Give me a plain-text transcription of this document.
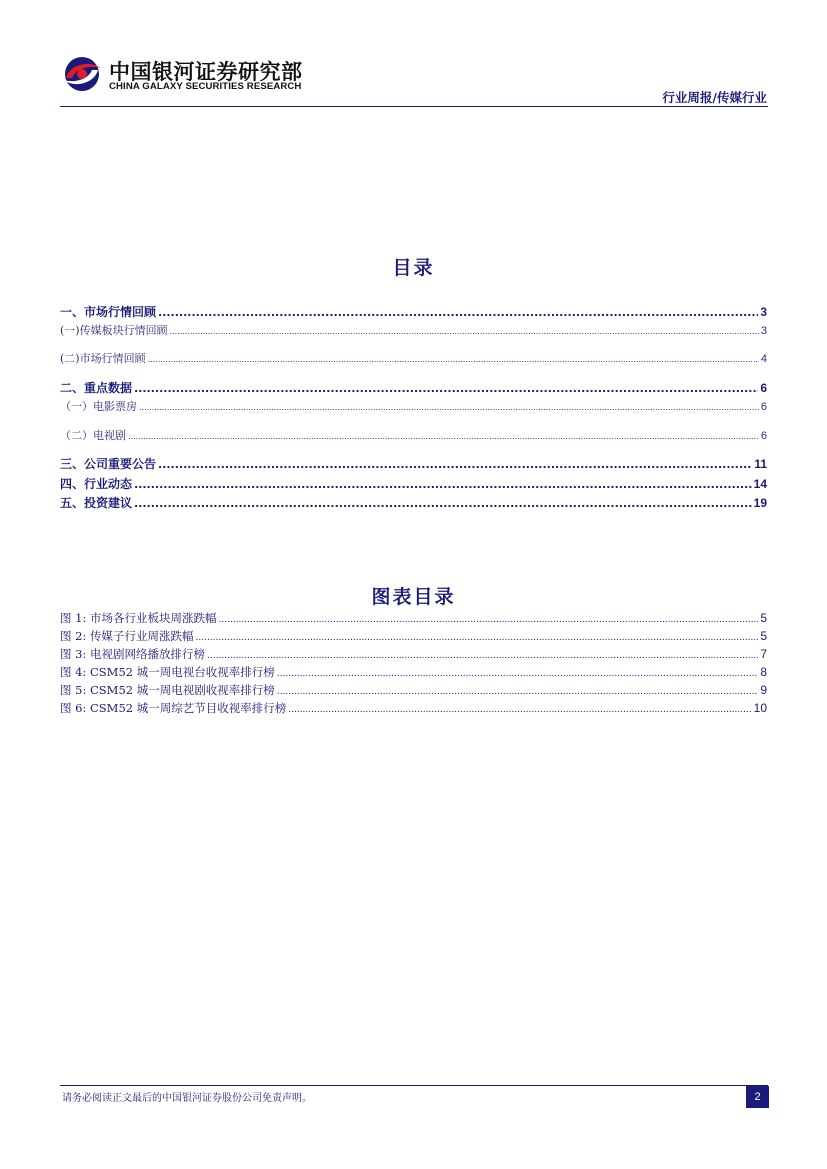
中国银河证券研究部
CHINA GALAXY SECURITIES RESEARCH
行业周报/传媒行业
目录
一、市场行情回顾 .....	3
(一)传媒板块行情回顾 .....	3
(二)市场行情回顾 .....	4
二、重点数据 .....	6
（一）电影票房 .....	6
（二）电视剧 .....	6
三、公司重要公告 .....	11
四、行业动态 .....	14
五、投资建议 .....	19
图表目录
图 1: 市场各行业板块周涨跌幅 .....	5
图 2: 传媒子行业周涨跌幅 .....	5
图 3: 电视剧网络播放排行榜 .....	7
图 4: CSM52 城一周电视台收视率排行榜 .....	8
图 5: CSM52 城一周电视剧收视率排行榜 .....	9
图 6: CSM52 城一周综艺节目收视率排行榜 .....	10
请务必阅读正文最后的中国银河证券股份公司免责声明。	2
